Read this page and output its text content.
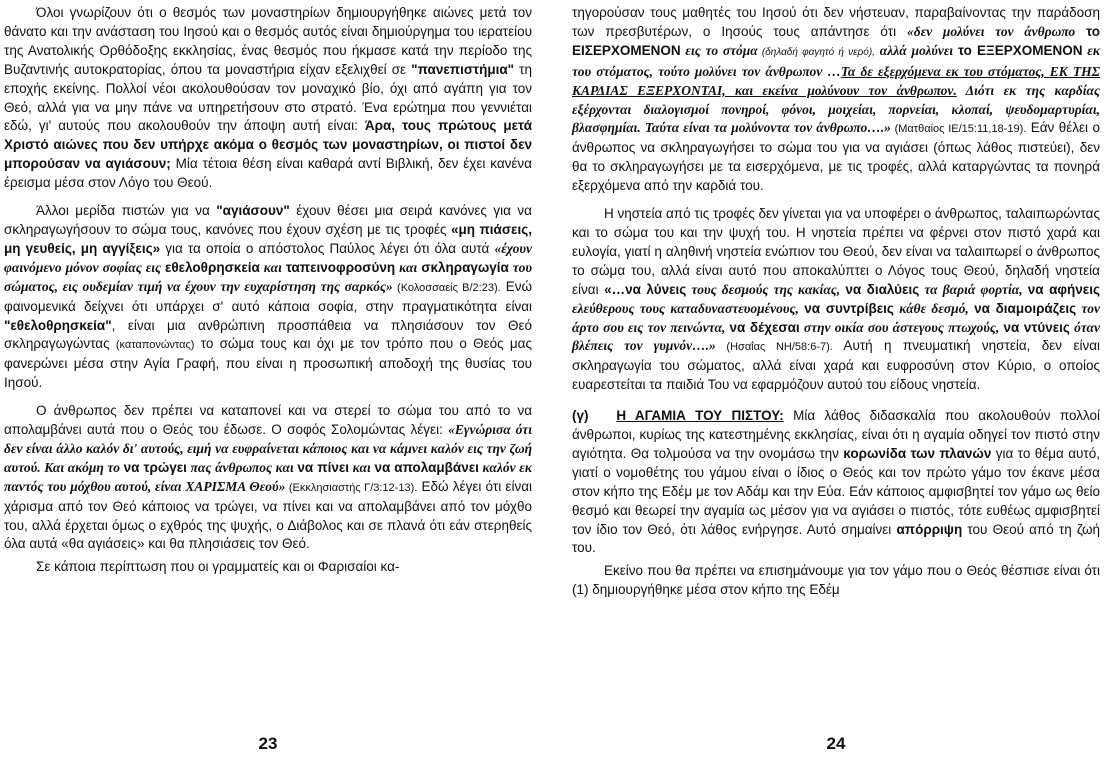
Όλοι γνωρίζουν ότι ο θεσμός των μοναστηρίων δημιουργήθηκε αιώνες μετά τον θάνατο και την ανάσταση του Ιησού και ο θεσμός αυτός είναι δημιούργημα του ιερατείου της Ανατολικής Ορθόδοξης εκκλησίας, ένας θεσμός που ήκμασε κατά την περίοδο της Βυζαντινής αυτοκρατορίας, όπου τα μοναστήρια είχαν εξελιχθεί σε "πανεπιστήμια" τη εποχής εκείνης. Πολλοί νέοι ακολουθούσαν τον μοναχικό βίο, όχι από αγάπη για τον Θεό, αλλά για να μην πάνε να υπηρετήσουν στο στρατό. Ένα ερώτημα που γεννιέται εδώ, γι' αυτούς που ακολουθούν την άποψη αυτή είναι: Άρα, τους πρώτους μετά Χριστό αιώνες που δεν υπήρχε ακόμα ο θεσμός των μοναστηρίων, οι πιστοί δεν μπορούσαν να αγιάσουν; Μία τέτοια θέση είναι καθαρά αντί Βιβλική, δεν έχει κανένα έρεισμα μέσα στον Λόγο του Θεού.

Άλλοι μερίδα πιστών για να "αγιάσουν" έχουν θέσει μια σειρά κανόνες για να σκληραγωγήσουν το σώμα τους, κανόνες που έχουν σχέση με τις τροφές «μη πιάσεις, μη γευθείς, μη αγγίξεις» για τα οποία ο απόστολος Παύλος λέγει ότι όλα αυτά «έχουν φαινόμενο μόνον σοφίας εις εθελοθρησκεία και ταπεινοφροσύνη και σκληραγωγία του σώματος, εις ουδεμίαν τιμή να έχουν την ευχαρίστηση της σαρκός» (Κολοσσαείς Β/2:23). Ενώ φαινομενικά δείχνει ότι υπάρχει σ' αυτό κάποια σοφία, στην πραγματικότητα είναι "εθελοθρησκεία", είναι μια ανθρώπινη προσπάθεια να πλησιάσουν τον Θεό σκληραγωγώντας (καταπονώντας) το σώμα τους και όχι με τον τρόπο που ο Θεός μας φανερώνει μέσα στην Αγία Γραφή, που είναι η προσωπική αποδοχή της θυσίας του Ιησού.

Ο άνθρωπος δεν πρέπει να καταπονεί και να στερεί το σώμα του από το να απολαμβάνει αυτά που ο Θεός του έδωσε. Ο σοφός Σολομώντας λέγει: «Εγνώρισα ότι δεν είναι άλλο καλόν δι' αυτούς, ειμή να ευφραίνεται κάποιος και να κάμνει καλόν εις την ζωή αυτού. Και ακόμη το να τρώγει πας άνθρωπος και να πίνει και να απολαμβάνει καλόν εκ παντός του μόχθου αυτού, είναι ΧΑΡΙΣΜΑ Θεού» (Εκκλησιαστής Γ/3:12-13). Εδώ λέγει ότι είναι χάρισμα από τον Θεό κάποιος να τρώγει, να πίνει και να απολαμβάνει από τον μόχθο του, αλλά έρχεται όμως ο εχθρός της ψυχής, ο Διάβολος και σε πλανά ότι εάν στερηθείς όλα αυτά «θα αγιάσεις» και θα πλησιάσεις τον Θεό.

Σε κάποια περίπτωση που οι γραμματείς και οι Φαρισαίοι κα-

23

τηγορούσαν τους μαθητές του Ιησού ότι δεν νήστευαν, παραβαίνοντας την παράδοση των πρεσβυτέρων, ο Ιησούς τους απάντησε ότι «δεν μολύνει τον άνθρωπο το ΕΙΣΕΡΧΟΜΕΝΟΝ εις το στόμα (δηλαδή φαγητό ή νερό), αλλά μολύνει το ΕΞΕΡΧΟΜΕΝΟΝ εκ του στόματος, τούτο μολύνει τον άνθρωπον …Τα δε εξερχόμενα εκ του στόματος, ΕΚ ΤΗΣ ΚΑΡΔΙΑΣ ΕΞΕΡΧΟΝΤΑΙ, και εκείνα μολύνουν τον άνθρωπον. Διότι εκ της καρδίας εξέρχονται διαλογισμοί πονηροί, φόνοι, μοιχείαι, πορνείαι, κλοπαί, ψευδομαρτυρίαι, βλασφημίαι. Ταύτα είναι τα μολύνοντα τον άνθρωπο….» (Ματθαίος ΙΕ/15:11,18-19). Εάν θέλει ο άνθρωπος να σκληραγωγήσει το σώμα του για να αγιάσει (όπως λάθος πιστεύει), δεν θα το σκληραγωγήσει με τα εισερχόμενα, με τις τροφές, αλλά καταργώντας τα πονηρά εξερχόμενα από την καρδιά του.

Η νηστεία από τις τροφές δεν γίνεται για να υποφέρει ο άνθρωπος, ταλαιπωρώντας και το σώμα του και την ψυχή του. Η νηστεία πρέπει να φέρνει στον πιστό χαρά και ευλογία, γιατί η αληθινή νηστεία ενώπιον του Θεού, δεν είναι να ταλαιπωρεί ο άνθρωπος το σώμα του, αλλά είναι αυτό που αποκαλύπτει ο Λόγος τους Θεού, δηλαδή νηστεία είναι «…να λύνεις τους δεσμούς της κακίας, να διαλύεις τα βαριά φορτία, να αφήνεις ελεύθερους τους καταδυναστευομένους, να συντρίβεις κάθε δεσμό, να διαμοιράζεις τον άρτο σου εις τον πεινώντα, να δέχεσαι στην οικία σου άστεγους πτωχούς, να ντύνεις όταν βλέπεις τον γυμνόν….» (Ησαΐας ΝΗ/58:6-7). Αυτή η πνευματική νηστεία, δεν είναι σκληραγωγία του σώματος, αλλά είναι χαρά και ευφροσύνη στον Κύριο, ο οποίος ευαρεστείται τα παιδιά Του να εφαρμόζουν αυτού του είδους νηστεία.

(γ) Η ΑΓΑΜΙΑ ΤΟΥ ΠΙΣΤΟΥ: Μία λάθος διδασκαλία που ακολουθούν πολλοί άνθρωποι, κυρίως της κατεστημένης εκκλησίας, είναι ότι η αγαμία οδηγεί τον πιστό στην αγιότητα. Θα τολμούσα να την ονομάσω την κορωνίδα των πλανών για το θέμα αυτό, γιατί ο νομοθέτης του γάμου είναι ο ίδιος ο Θεός και τον πρώτο γάμο τον έκανε μέσα στον κήπο της Εδέμ με τον Αδάμ και την Εύα. Εάν κάποιος αμφισβητεί τον γάμο ως θείο θεσμό και θεωρεί την αγαμία ως μέσον για να αγιάσει ο πιστός, τότε ευθέως αμφισβητεί τον ίδιο τον Θεό, ότι λάθος ενήργησε. Αυτό σημαίνει απόρριψη του Θεού από τη ζωή του.

Εκείνο που θα πρέπει να επισημάνουμε για τον γάμο που ο Θεός θέσπισε είναι ότι (1) δημιουργήθηκε μέσα στον κήπο της Εδέμ

24
